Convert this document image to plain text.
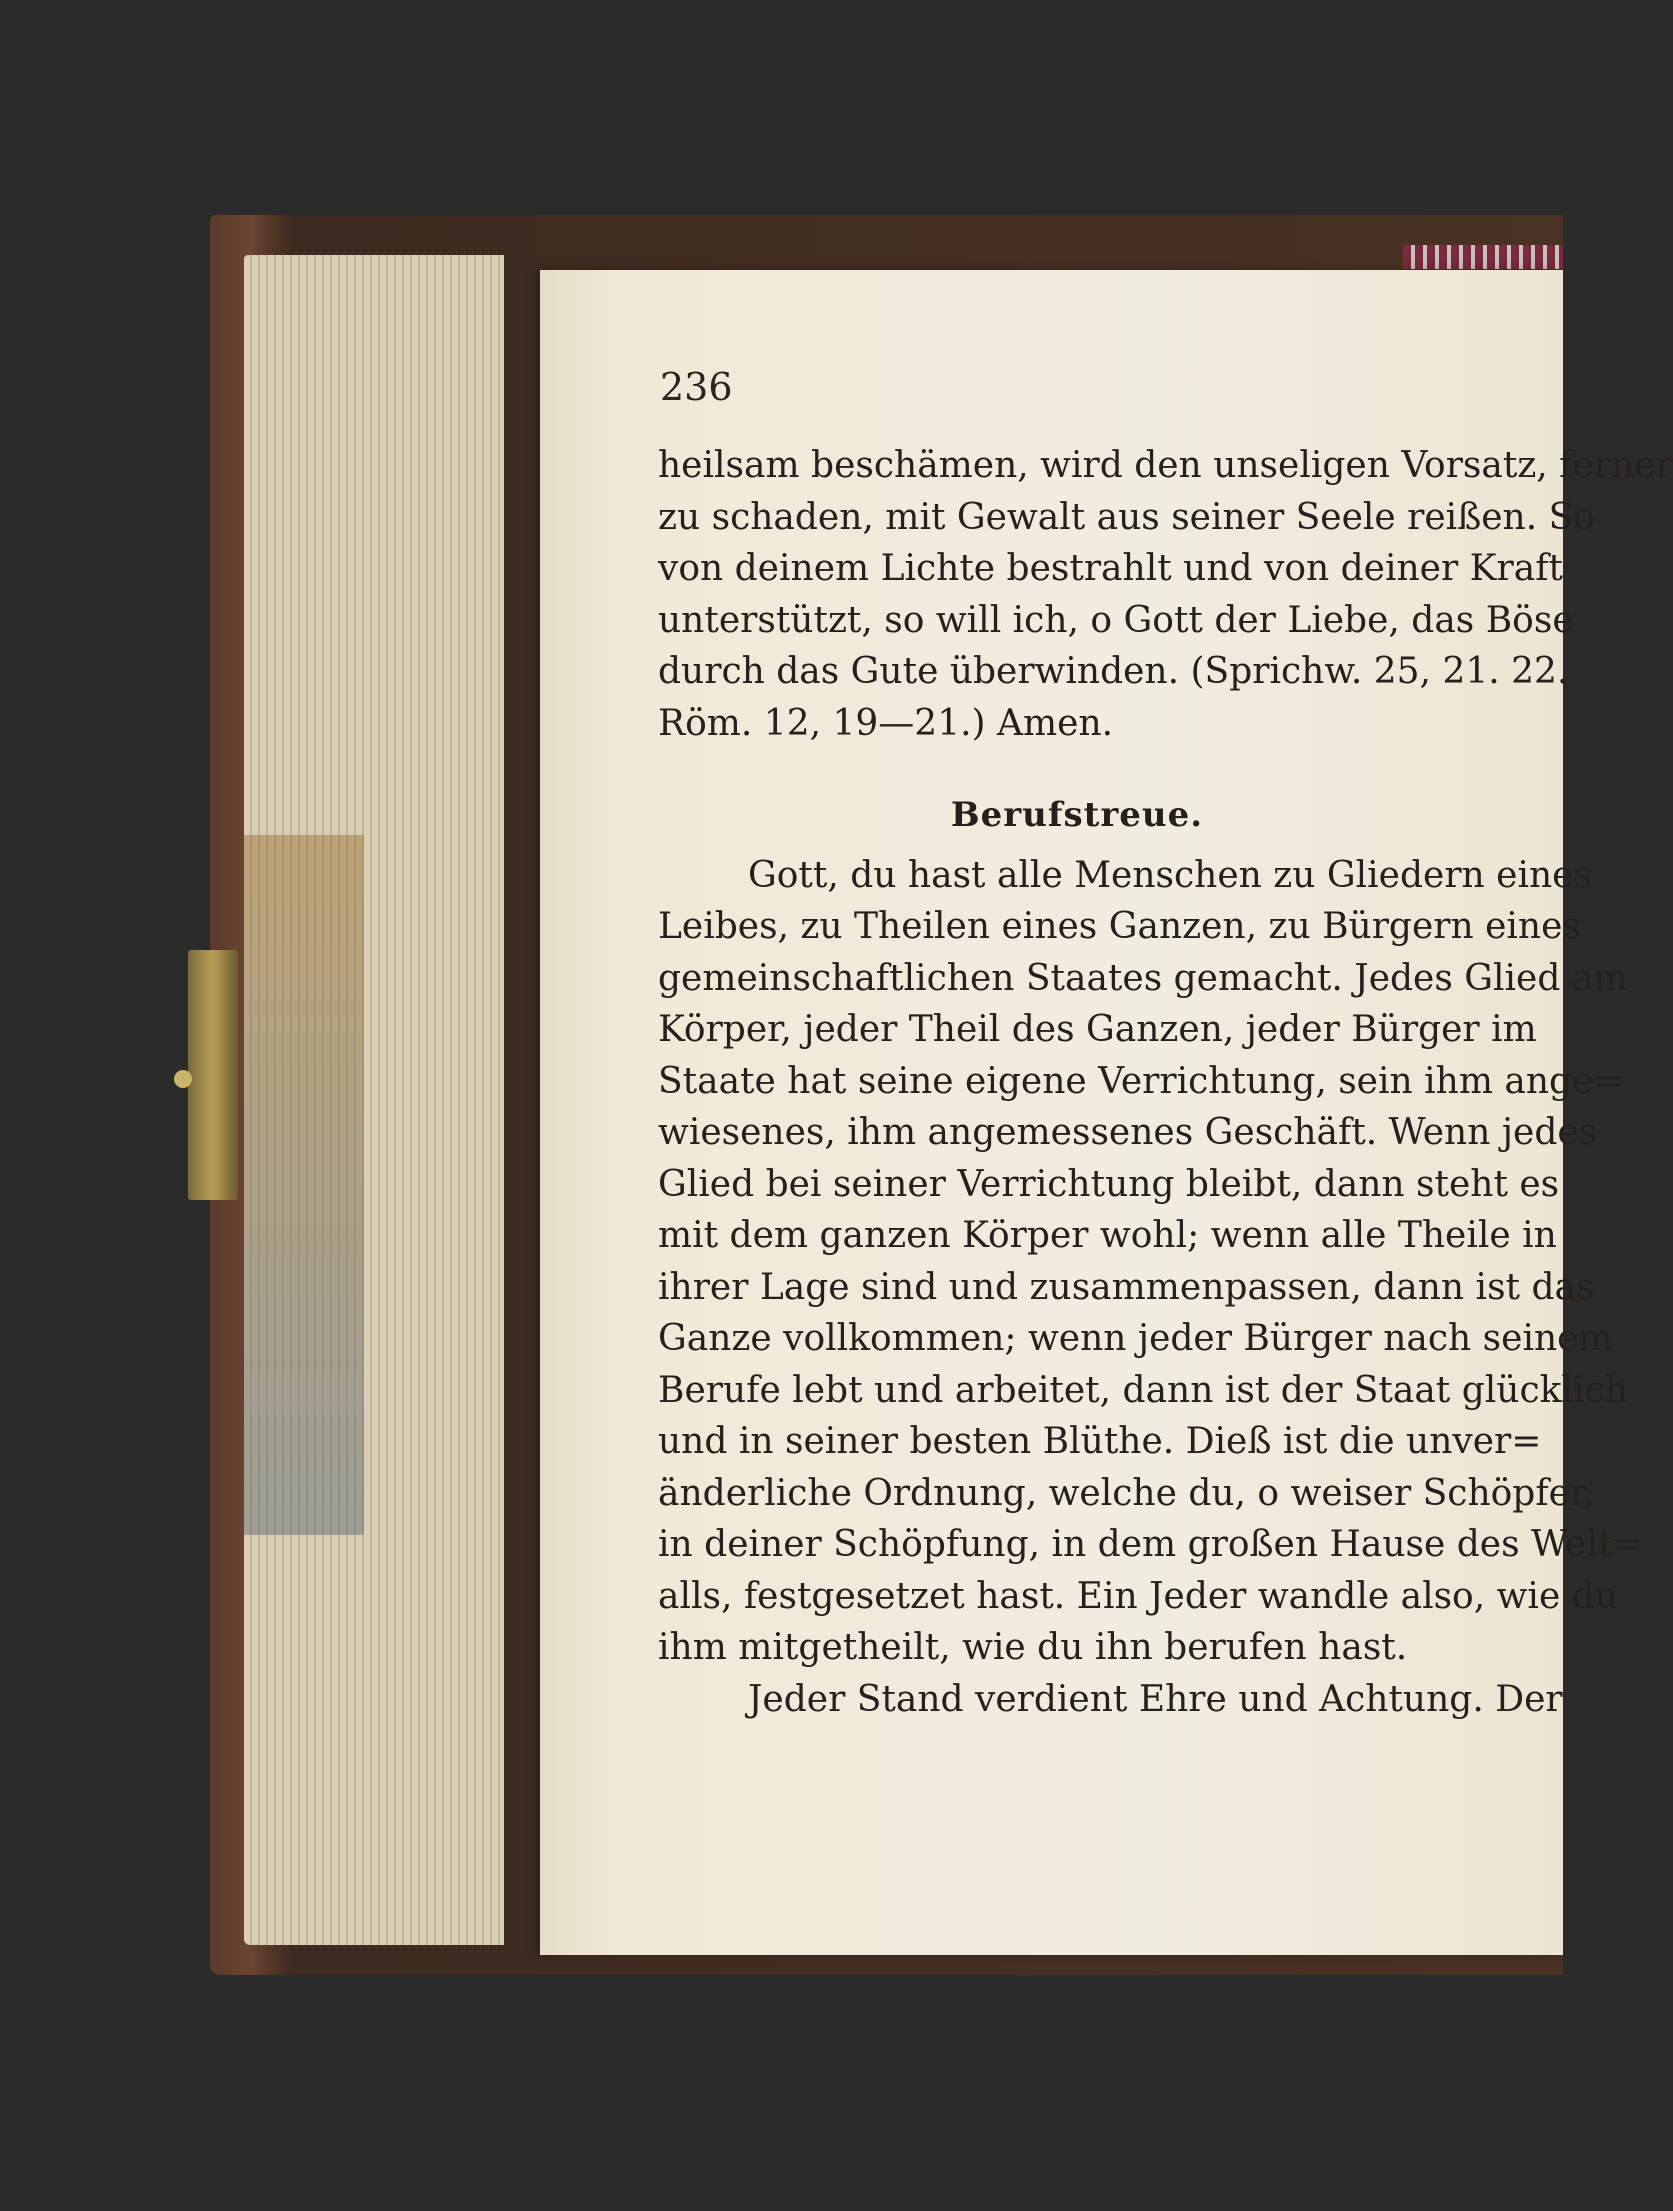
236
heilsam beschämen, wird den unseligen Vorsatz, ferner
zu schaden, mit Gewalt aus seiner Seele reißen. So
von deinem Lichte bestrahlt und von deiner Kraft
unterstützt, so will ich, o Gott der Liebe, das Böse
durch das Gute überwinden. (Sprichw. 25, 21. 22.
Röm. 12, 19—21.) Amen.
Berufstreue.
Gott, du hast alle Menschen zu Gliedern eines
Leibes, zu Theilen eines Ganzen, zu Bürgern eines
gemeinschaftlichen Staates gemacht. Jedes Glied am
Körper, jeder Theil des Ganzen, jeder Bürger im
Staate hat seine eigene Verrichtung, sein ihm ange=
wiesenes, ihm angemessenes Geschäft. Wenn jedes
Glied bei seiner Verrichtung bleibt, dann steht es
mit dem ganzen Körper wohl; wenn alle Theile in
ihrer Lage sind und zusammenpassen, dann ist das
Ganze vollkommen; wenn jeder Bürger nach seinem
Berufe lebt und arbeitet, dann ist der Staat glücklich
und in seiner besten Blüthe. Dieß ist die unver=
änderliche Ordnung, welche du, o weiser Schöpfer,
in deiner Schöpfung, in dem großen Hause des Welt=
alls, festgesetzet hast. Ein Jeder wandle also, wie du
ihm mitgetheilt, wie du ihn berufen hast.
Jeder Stand verdient Ehre und Achtung. Der
